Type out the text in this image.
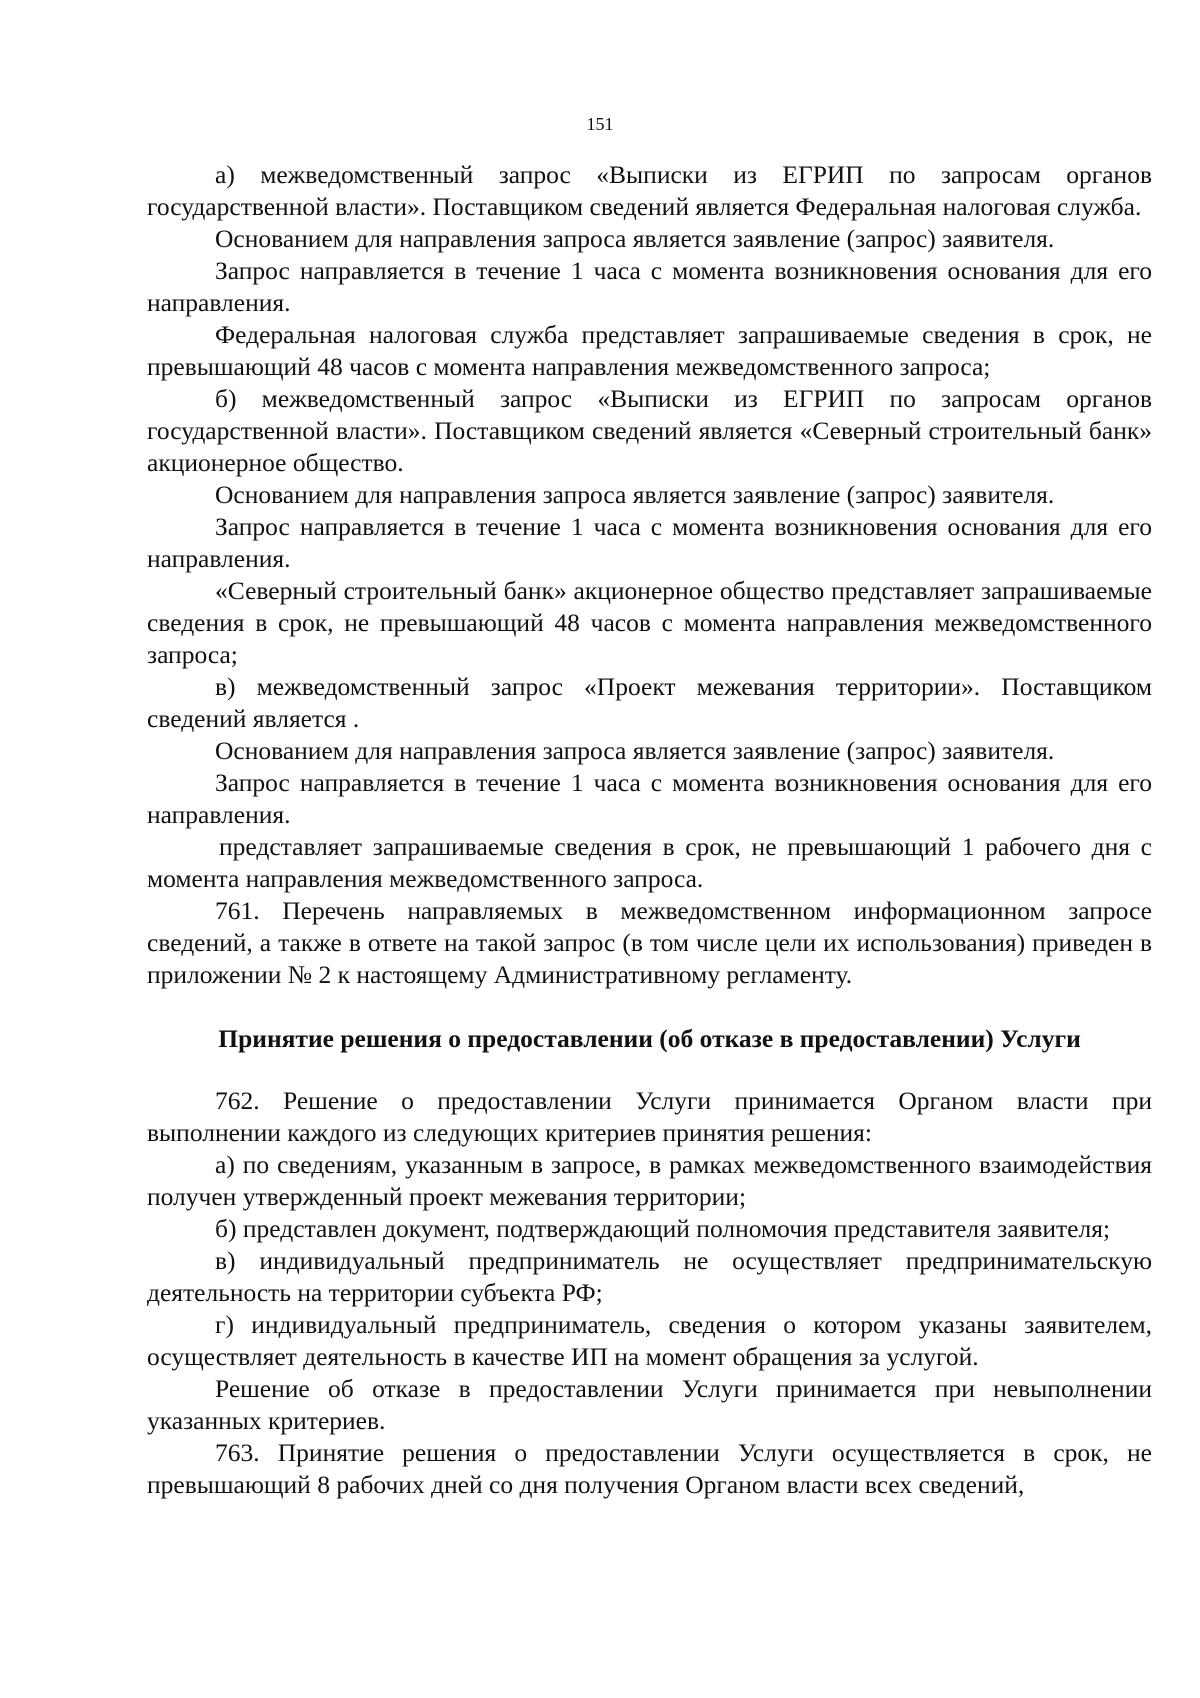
151

а) межведомственный запрос «Выписки из ЕГРИП по запросам органов государственной власти». Поставщиком сведений является Федеральная налоговая служба.

Основанием для направления запроса является заявление (запрос) заявителя.

Запрос направляется в течение 1 часа с момента возникновения основания для его направления.

Федеральная налоговая служба представляет запрашиваемые сведения в срок, не превышающий 48 часов с момента направления межведомственного запроса;

б) межведомственный запрос «Выписки из ЕГРИП по запросам органов государственной власти». Поставщиком сведений является «Северный строительный банк» акционерное общество.

Основанием для направления запроса является заявление (запрос) заявителя.

Запрос направляется в течение 1 часа с момента возникновения основания для его направления.

«Северный строительный банк» акционерное общество представляет запрашиваемые сведения в срок, не превышающий 48 часов с момента направления межведомственного запроса;

в) межведомственный запрос «Проект межевания территории». Поставщиком сведений является .

Основанием для направления запроса является заявление (запрос) заявителя.

Запрос направляется в течение 1 часа с момента возникновения основания для его направления.

представляет запрашиваемые сведения в срок, не превышающий 1 рабочего дня с момента направления межведомственного запроса.

761. Перечень направляемых в межведомственном информационном запросе сведений, а также в ответе на такой запрос (в том числе цели их использования) приведен в приложении № 2 к настоящему Административному регламенту.

Принятие решения о предоставлении (об отказе в предоставлении) Услуги

762. Решение о предоставлении Услуги принимается Органом власти при выполнении каждого из следующих критериев принятия решения:

а) по сведениям, указанным в запросе, в рамках межведомственного взаимодействия получен утвержденный проект межевания территории;

б) представлен документ, подтверждающий полномочия представителя заявителя;

в) индивидуальный предприниматель не осуществляет предпринимательскую деятельность на территории субъекта РФ;

г) индивидуальный предприниматель, сведения о котором указаны заявителем, осуществляет деятельность в качестве ИП на момент обращения за услугой.

Решение об отказе в предоставлении Услуги принимается при невыполнении указанных критериев.

763. Принятие решения о предоставлении Услуги осуществляется в срок, не превышающий 8 рабочих дней со дня получения Органом власти всех сведений,
